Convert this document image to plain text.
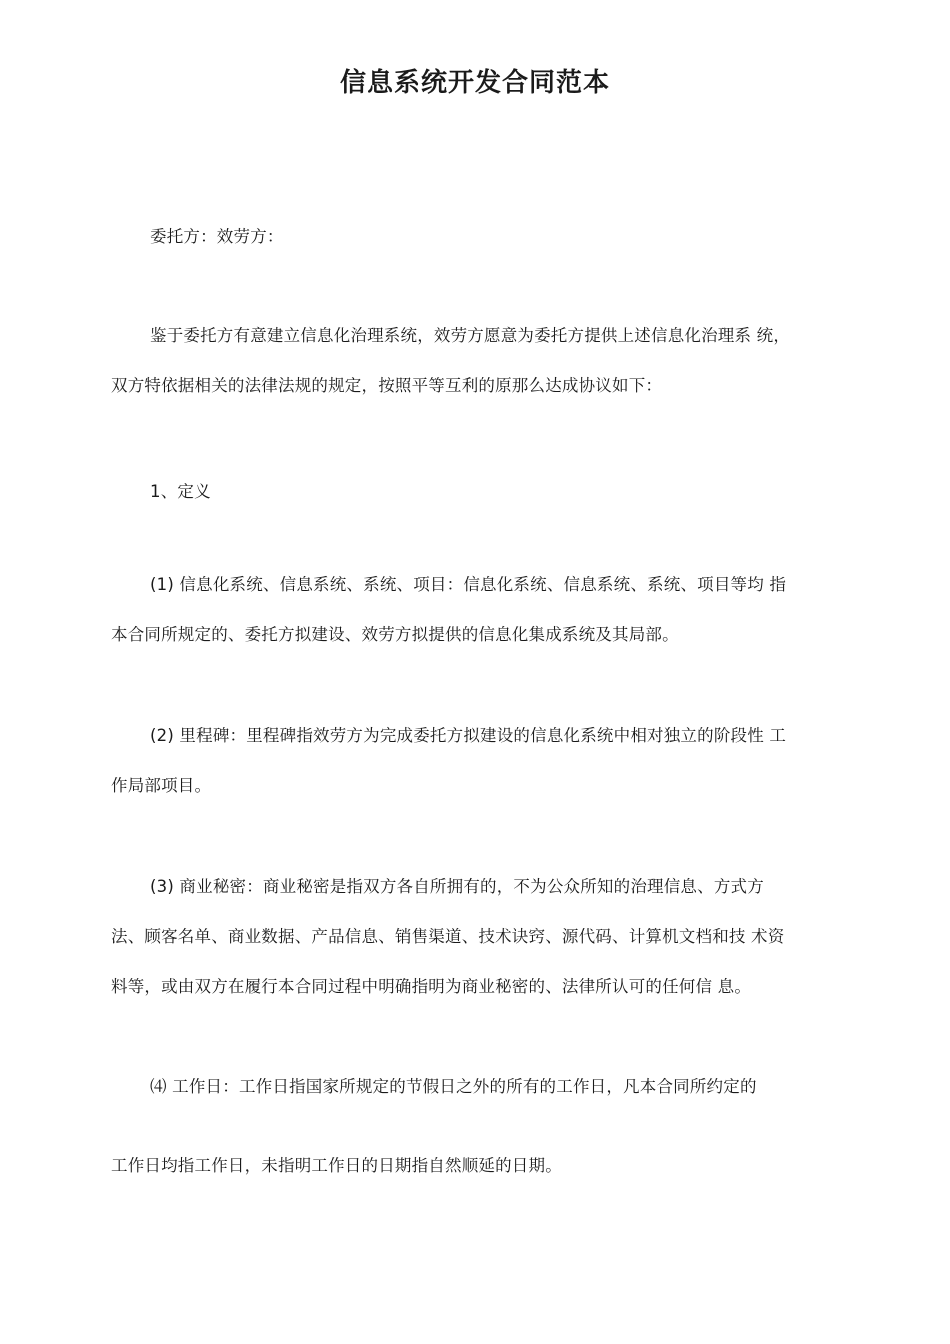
信息系统开发合同范本
委托方：效劳方：
鉴于委托方有意建立信息化治理系统，效劳方愿意为委托方提供上述信息化治理系 统，
双方特依据相关的法律法规的规定，按照平等互利的原那么达成协议如下：
1、定义
(1) 信息化系统、信息系统、系统、项目：信息化系统、信息系统、系统、项目等均 指
本合同所规定的、委托方拟建设、效劳方拟提供的信息化集成系统及其局部。
(2) 里程碑：里程碑指效劳方为完成委托方拟建设的信息化系统中相对独立的阶段性 工
作局部项目。
(3) 商业秘密：商业秘密是指双方各自所拥有的，不为公众所知的治理信息、方式方
法、顾客名单、商业数据、产品信息、销售渠道、技术诀窍、源代码、计算机文档和技 术资
料等，或由双方在履行本合同过程中明确指明为商业秘密的、法律所认可的任何信 息。
⑷ 工作日：工作日指国家所规定的节假日之外的所有的工作日，凡本合同所约定的
工作日均指工作日，未指明工作日的日期指自然顺延的日期。
